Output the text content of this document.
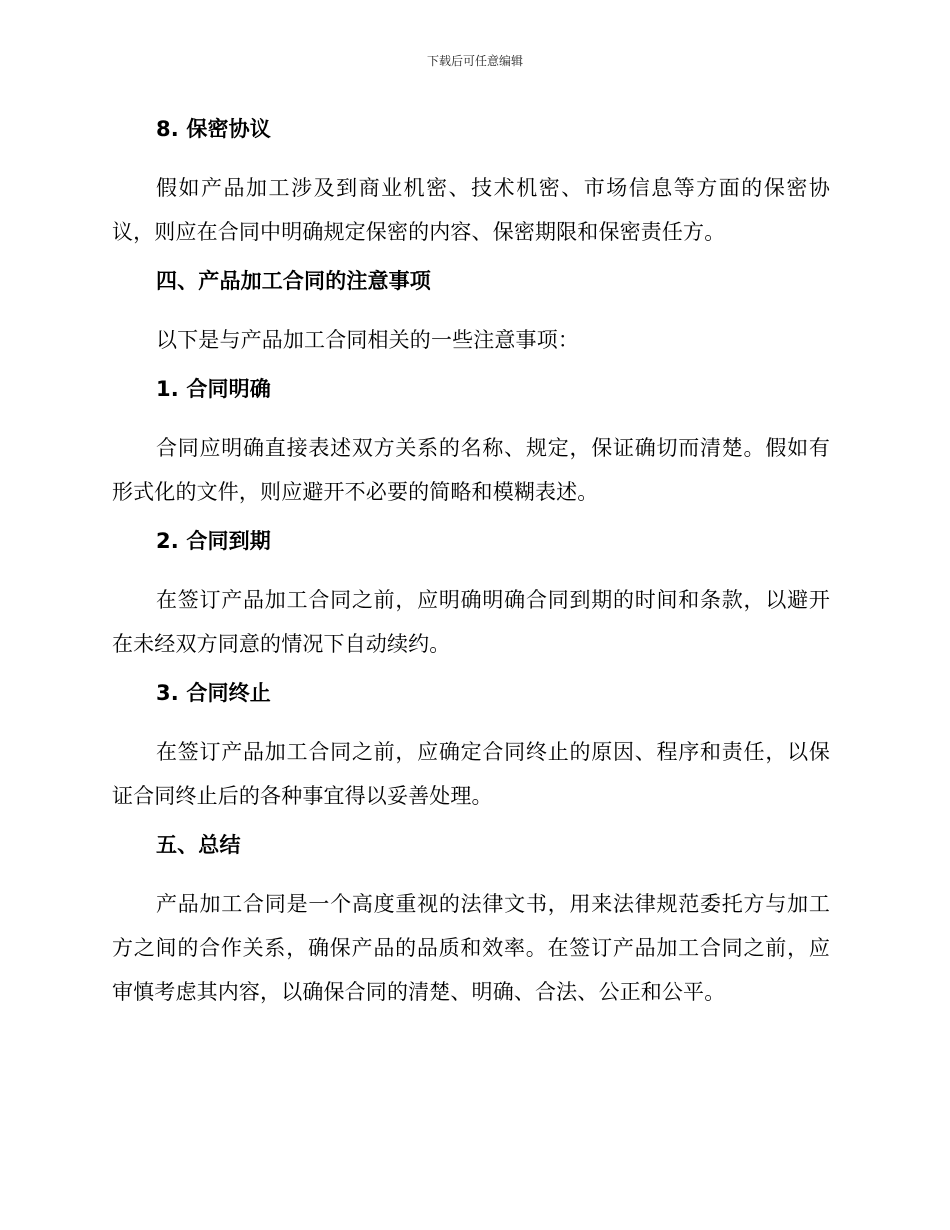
下载后可任意编辑
8. 保密协议
假如产品加工涉及到商业机密、技术机密、市场信息等方面的保密协议，则应在合同中明确规定保密的内容、保密期限和保密责任方。
四、产品加工合同的注意事项
以下是与产品加工合同相关的一些注意事项：
1. 合同明确
合同应明确直接表述双方关系的名称、规定，保证确切而清楚。假如有形式化的文件，则应避开不必要的简略和模糊表述。
2. 合同到期
在签订产品加工合同之前，应明确明确合同到期的时间和条款，以避开在未经双方同意的情况下自动续约。
3. 合同终止
在签订产品加工合同之前，应确定合同终止的原因、程序和责任，以保证合同终止后的各种事宜得以妥善处理。
五、总结
产品加工合同是一个高度重视的法律文书，用来法律规范委托方与加工方之间的合作关系，确保产品的品质和效率。在签订产品加工合同之前，应审慎考虑其内容，以确保合同的清楚、明确、合法、公正和公平。
